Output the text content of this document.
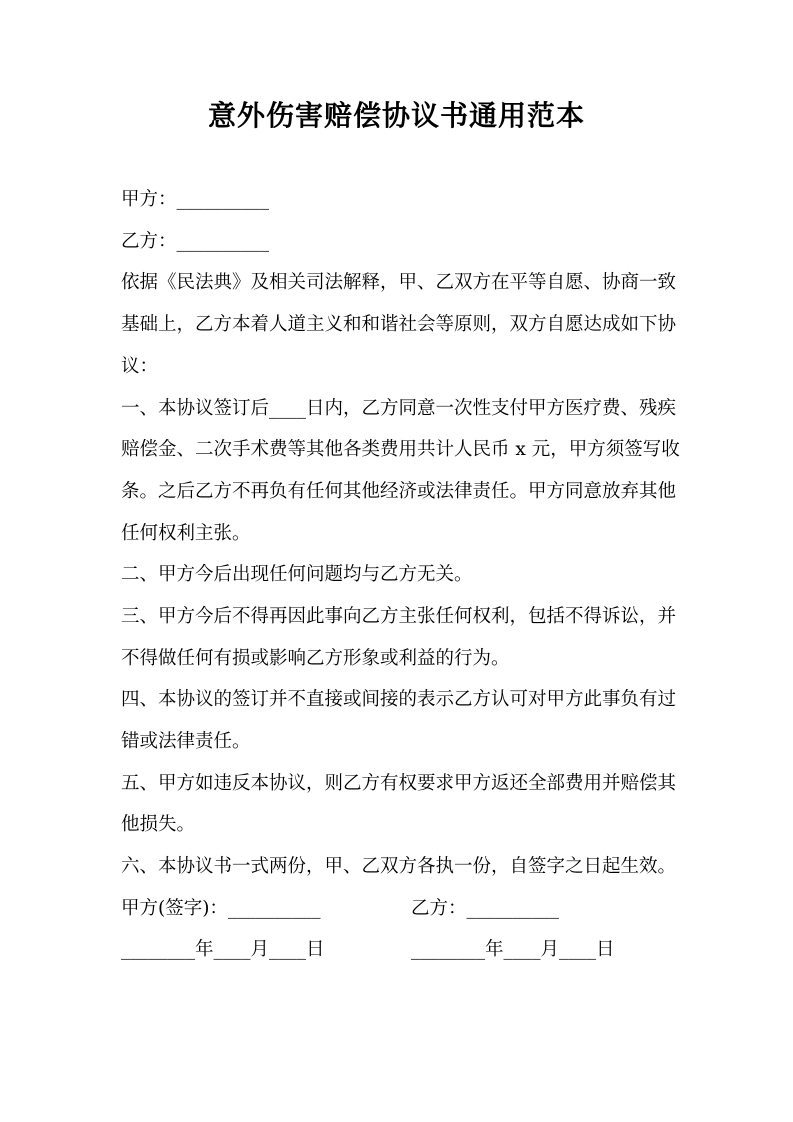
意外伤害赔偿协议书通用范本
甲方：__________
乙方：__________
依据《民法典》及相关司法解释，甲、乙双方在平等自愿、协商一致
基础上，乙方本着人道主义和和谐社会等原则，双方自愿达成如下协
议：
一、本协议签订后____日内，乙方同意一次性支付甲方医疗费、残疾
赔偿金、二次手术费等其他各类费用共计人民币 x 元，甲方须签写收
条。之后乙方不再负有任何其他经济或法律责任。甲方同意放弃其他
任何权利主张。
二、甲方今后出现任何问题均与乙方无关。
三、甲方今后不得再因此事向乙方主张任何权利，包括不得诉讼，并
不得做任何有损或影响乙方形象或利益的行为。
四、本协议的签订并不直接或间接的表示乙方认可对甲方此事负有过
错或法律责任。
五、甲方如违反本协议，则乙方有权要求甲方返还全部费用并赔偿其
他损失。
六、本协议书一式两份，甲、乙双方各执一份，自签字之日起生效。
甲方(签字)：__________	乙方：__________
________年____月____日	________年____月____日
